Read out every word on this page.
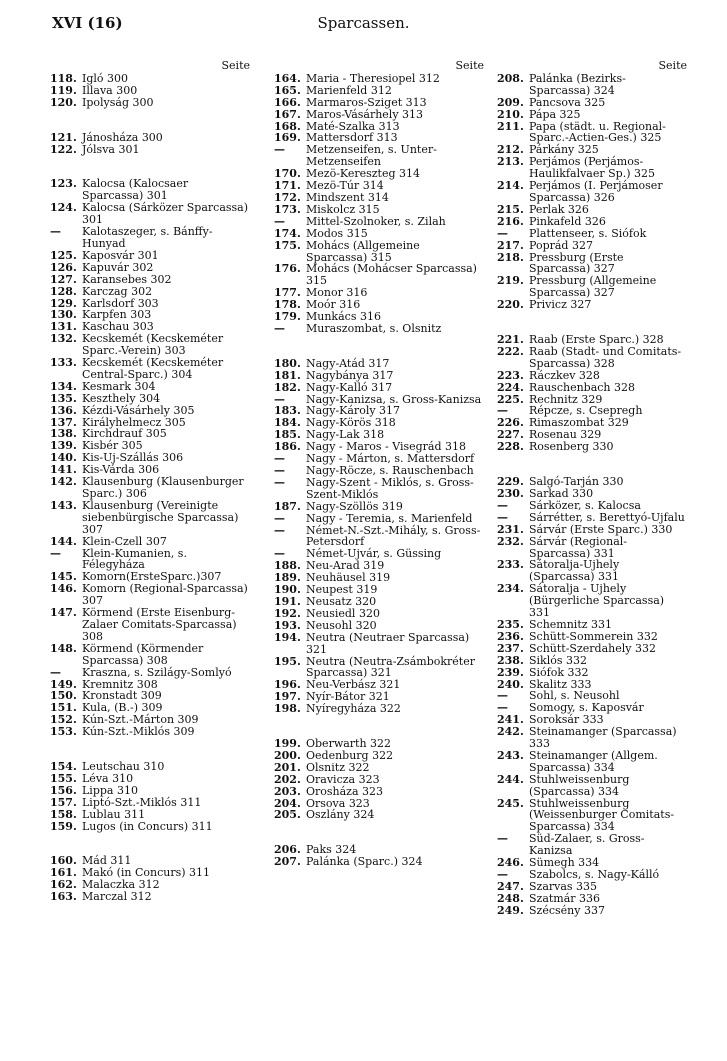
XVI (16)	Sparcassen.
Seite
118. Igló 300
119. Illava 300
120. Ipolyság 300
121. Jánosháza 300
122. Jólsva 301
123. Kalocsa (Kalocsaer Sparcassa) 301
124. Kalocsa (Sárközer Sparcassa) 301
—	Kalotaszeger, s. Bánffy-Hunyad
125. Kaposvár 301
126. Kapuvár 302
127. Karansebes 302
128. Karczag 302
129. Karlsdorf 303
130. Karpfen 303
131. Kaschau 303
132. Kecskemét (Kecskeméter Sparc.-Verein) 303
133. Kecskemét (Kecskeméter Central-Sparc.) 304
134. Kesmark 304
135. Keszthely 304
136. Kézdi-Vásárhely 305
137. Királyhelmecz 305
138. Kirchdrauf 305
139. Kisbér 305
140. Kis-Uj-Szállás 306
141. Kis-Várda 306
142. Klausenburg (Klausenburger Sparc.) 306
143. Klausenburg (Vereinigte siebenbürgische Sparcassa) 307
144. Klein-Czell 307
—	Klein-Kumanien, s. Félegyháza
145. Komorn(ErsteSparc.)307
146. Komorn (Regional-Sparcassa) 307
147. Körmend (Erste Eisenburg-Zalaer Comitats-Sparcassa) 308
148. Körmend (Körmender Sparcassa) 308
—	Kraszna, s. Szilágy-Somlyó
149. Kremnitz 308
150. Kronstadt 309
151. Kula, (B.-) 309
152. Kún-Szt.-Márton 309
153. Kún-Szt.-Miklós 309
154. Leutschau 310
155. Léva 310
156. Lippa 310
157. Liptó-Szt.-Miklós 311
158. Lublau 311
159. Lugos (in Concurs) 311
160. Mád 311
161. Makó (in Concurs) 311
162. Malaczka 312
163. Marczal 312
Seite
164. Maria - Theresiopel 312
165. Marienfeld 312
166. Marmaros-Sziget 313
167. Maros-Vásárhely 313
168. Maté-Szalka 313
169. Mattersdorf 313
—	Metzenseifen, s. Unter-Metzenseifen
170. Mezö-Kereszteg 314
171. Mezö-Túr 314
172. Mindszent 314
173. Miskolcz 315
—	Mittel-Szolnoker, s. Zilah
174. Modos 315
175. Mohács (Allgemeine Sparcassa) 315
176. Mohács (Mohácser Sparcassa) 315
177. Monor 316
178. Moór 316
179. Munkács 316
—	Muraszombat, s. Olsnitz
180. Nagy-Atád 317
181. Nagybánya 317
182. Nagy-Kalló 317
—	Nagy-Kanizsa, s. Gross-Kanizsa
183. Nagy-Károly 317
184. Nagy-Körös 318
185. Nagy-Lak 318
186. Nagy - Maros - Visegrád 318
—	Nagy - Márton, s. Mattersdorf
—	Nagy-Röcze, s. Rauschenbach
—	Nagy-Szent - Miklós, s. Gross-Szent-Miklós
187. Nagy-Szöllös 319
—	Nagy - Teremia, s. Marienfeld
—	Német-N.-Szt.-Mihály, s. Gross-Petersdorf
—	Német-Ujvár, s. Güssing
188. Neu-Arad 319
189. Neuhäusel 319
190. Neupest 319
191. Neusatz 320
192. Neusiedl 320
193. Neusohl 320
194. Neutra (Neutraer Sparcassa) 321
195. Neutra (Neutra-Zsámbokréter Sparcassa) 321
196. Neu-Verbász 321
197. Nyír-Bátor 321
198. Nyíregyháza 322
199. Oberwarth 322
200. Oedenburg 322
201. Olsnitz 322
202. Oravicza 323
203. Orosháza 323
204. Orsova 323
205. Oszlány 324
206. Paks 324
207. Palánka (Sparc.) 324
Seite
208. Palánka (Bezirks-Sparcassa) 324
209. Pancsova 325
210. Pápa 325
211. Papa (städt. u. Regional-Sparc.-Actien-Ges.) 325
212. Párkány 325
213. Perjámos (Perjámos-Haulikfalvaer Sp.) 325
214. Perjámos (I. Perjámoser Sparcassa) 326
215. Perlak 326
216. Pinkafeld 326
—	Plattenseer, s. Siófok
217. Poprád 327
218. Pressburg (Erste Sparcassa) 327
219. Pressburg (Allgemeine Sparcassa) 327
220. Privicz 327
221. Raab (Erste Sparc.) 328
222. Raab (Stadt- und Comitats-Sparcassa) 328
223. Ráczkev 328
224. Rauschenbach 328
225. Rechnitz 329
—	Répcze, s. Csepregh
226. Rimaszombat 329
227. Rosenau 329
228. Rosenberg 330
229. Salgó-Tarján 330
230. Sarkad 330
—	Sárközer, s. Kalocsa
—	Sárrétter, s. Berettyó-Ujfalu
231. Sárvár (Erste Sparc.) 330
232. Sárvár (Regional-Sparcassa) 331
233. Sátoralja-Ujhely (Sparcassa) 331
234. Sátoralja - Ujhely (Bürgerliche Sparcassa) 331
235. Schemnitz 331
236. Schütt-Sommerein 332
237. Schütt-Szerdahely 332
238. Siklós 332
239. Siófok 332
240. Skalitz 333
—	Sohl, s. Neusohl
—	Somogy, s. Kaposvár
241. Soroksár 333
242. Steinamanger (Sparcassa) 333
243. Steinamanger (Allgem. Sparcassa) 334
244. Stuhlweissenburg (Sparcassa) 334
245. Stuhlweissenburg (Weissenburger Comitats-Sparcassa) 334
—	Süd-Zalaer, s. Gross-Kanizsa
246. Sümegh 334
—	Szabolcs, s. Nagy-Kálló
247. Szarvas 335
248. Szatmár 336
249. Szécsény 337
